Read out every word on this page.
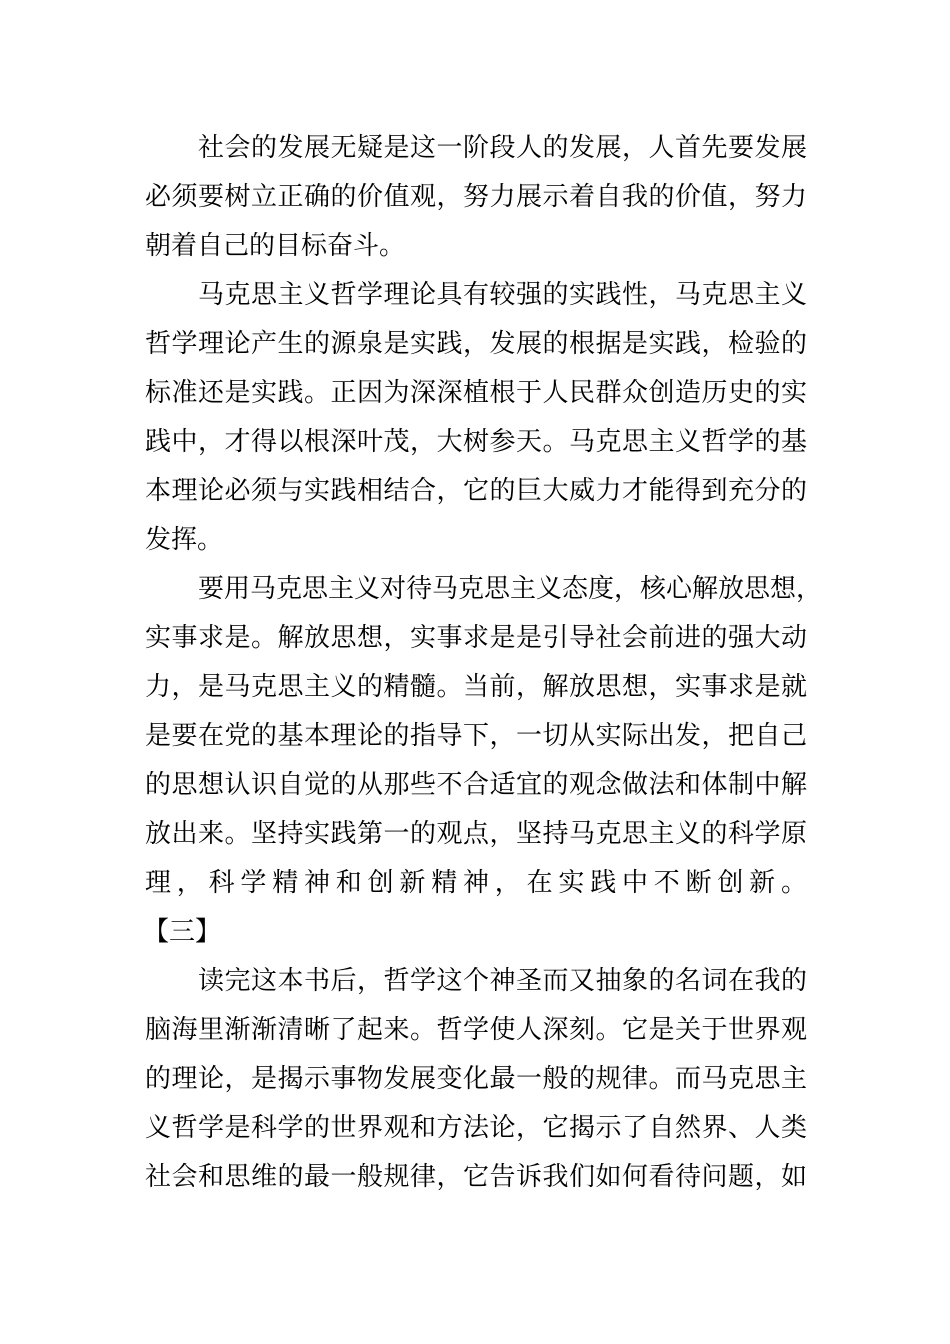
社会的发展无疑是这一阶段人的发展，人首先要发展
必须要树立正确的价值观，努力展示着自我的价值，努力
朝着自己的目标奋斗。
马克思主义哲学理论具有较强的实践性，马克思主义
哲学理论产生的源泉是实践，发展的根据是实践，检验的
标准还是实践。正因为深深植根于人民群众创造历史的实
践中，才得以根深叶茂，大树参天。马克思主义哲学的基
本理论必须与实践相结合，它的巨大威力才能得到充分的
发挥。
要用马克思主义对待马克思主义态度，核心解放思想，
实事求是。解放思想，实事求是是引导社会前进的强大动
力，是马克思主义的精髓。当前，解放思想，实事求是就
是要在党的基本理论的指导下，一切从实际出发，把自己
的思想认识自觉的从那些不合适宜的观念做法和体制中解
放出来。坚持实践第一的观点，坚持马克思主义的科学原
理，科学精神和创新精神，在实践中不断创新。
【三】
读完这本书后，哲学这个神圣而又抽象的名词在我的
脑海里渐渐清晰了起来。哲学使人深刻。它是关于世界观
的理论，是揭示事物发展变化最一般的规律。而马克思主
义哲学是科学的世界观和方法论，它揭示了自然界、人类
社会和思维的最一般规律，它告诉我们如何看待问题，如
